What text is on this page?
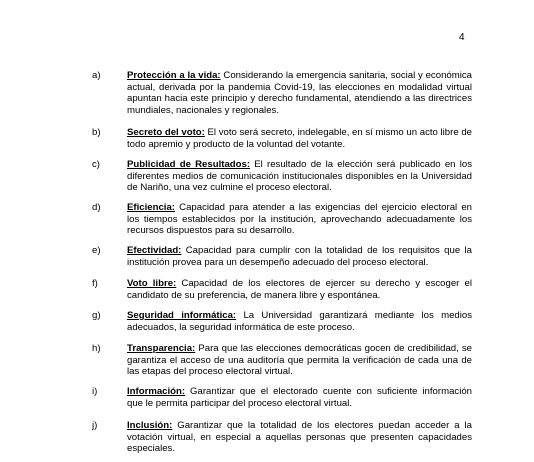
4
a)	Protección a la vida: Considerando la emergencia sanitaria, social y económica actual, derivada por la pandemia Covid-19, las elecciones en modalidad virtual apuntan hacia este principio y derecho fundamental, atendiendo a las directrices mundiales, nacionales y regionales.
b)	Secreto del voto: El voto será secreto, indelegable, en sí mismo un acto libre de todo apremio y producto de la voluntad del votante.
c)	Publicidad de Resultados: El resultado de la elección será publicado en los diferentes medios de comunicación institucionales disponibles en la Universidad de Nariño, una vez culmine el proceso electoral.
d)	Eficiencia: Capacidad para atender a las exigencias del ejercicio electoral en los tiempos establecidos por la institución, aprovechando adecuadamente los recursos dispuestos para su desarrollo.
e)	Efectividad: Capacidad para cumplir con la totalidad de los requisitos que la institución provea para un desempeño adecuado del proceso electoral.
f)	Voto libre: Capacidad de los electores de ejercer su derecho y escoger el candidato de su preferencia, de manera libre y espontánea.
g)	Seguridad informática: La Universidad garantizará mediante los medios adecuados, la seguridad informática de este proceso.
h)	Transparencia: Para que las elecciones democráticas gocen de credibilidad, se garantiza el acceso de una auditoría que permita la verificación de cada una de las etapas del proceso electoral virtual.
i)	Información: Garantizar que el electorado cuente con suficiente información que le permita participar del proceso electoral virtual.
j)	Inclusión: Garantizar que la totalidad de los electores puedan acceder a la votación virtual, en especial a aquellas personas que presenten capacidades especiales.
